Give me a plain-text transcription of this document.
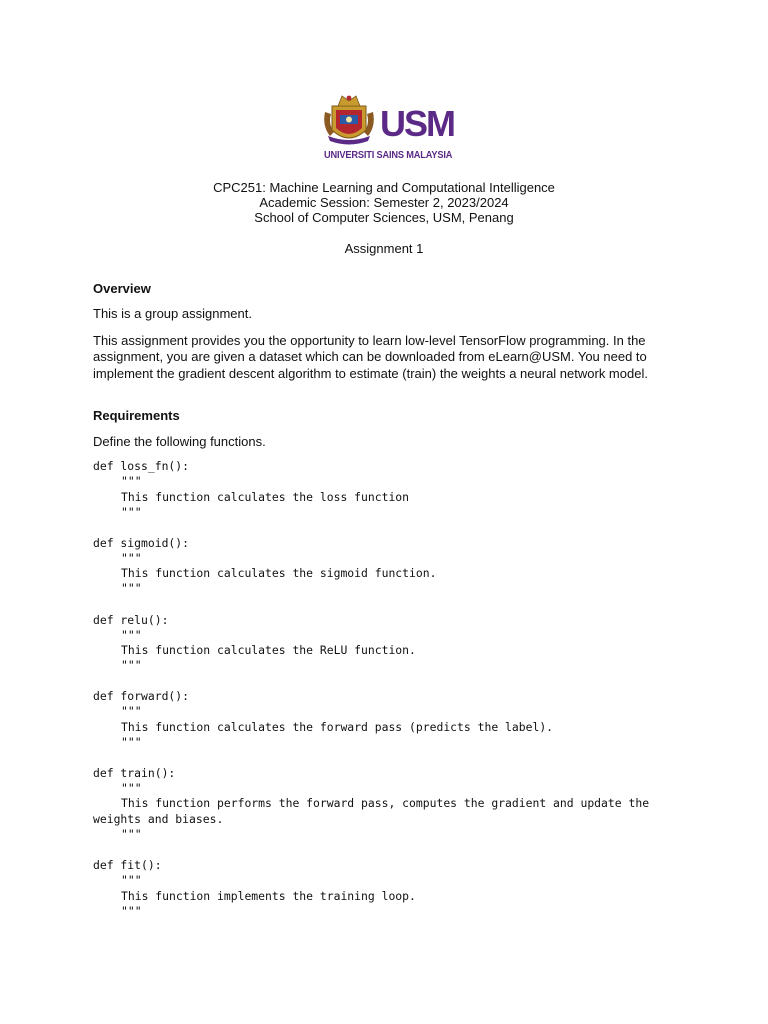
USM
UNIVERSITI SAINS MALAYSIA
CPC251: Machine Learning and Computational Intelligence
Academic Session: Semester 2, 2023/2024
School of Computer Sciences, USM, Penang
Assignment 1
Overview
This is a group assignment.
This assignment provides you the opportunity to learn low-level TensorFlow programming. In the assignment, you are given a dataset which can be downloaded from eLearn@USM. You need to implement the gradient descent algorithm to estimate (train) the weights a neural network model.
Requirements
Define the following functions.
def loss_fn():
"""
This function calculates the loss function
"""
def sigmoid():
"""
This function calculates the sigmoid function.
"""
def relu():
"""
This function calculates the ReLU function.
"""
def forward():
"""
This function calculates the forward pass (predicts the label).
"""
def train():
"""
This function performs the forward pass, computes the gradient and update the
weights and biases.
"""
def fit():
"""
This function implements the training loop.
"""
